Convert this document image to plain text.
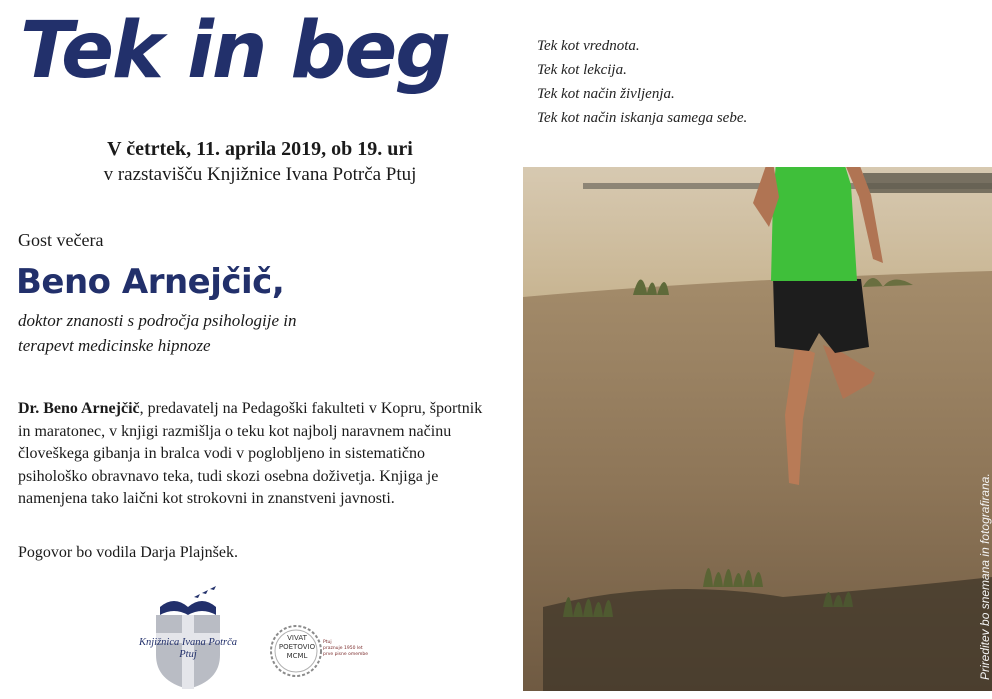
Tek in beg
V četrtek, 11. aprila 2019, ob 19. uri
v razstavišču Knjižnice Ivana Potrča Ptuj
Gost večera
Beno Arnejčič,
doktor znanosti s področja psihologije in
terapevt medicinske hipnoze
Dr. Beno Arnejčič, predavatelj na Pedagoški fakulteti v Kopru, športnik in maratonec, v knjigi razmišlja o teku kot najbolj naravnem načinu človeškega gibanja in bralca vodi v poglobljeno in sistematično psihološko obravnavo teka, tudi skozi osebna doživetja. Knjiga je namenjena tako laični kot strokovni in znanstveni javnosti.
Pogovor bo vodila Darja Plajnšek.
Knjižnica Ivana Potrča
Ptuj
VIVAT
POETOVIO
MCML
Ptuj
praznuje 1950 let
prve pisne omembe
Tek kot vrednota.
Tek kot lekcija.
Tek kot način življenja.
Tek kot način iskanja samega sebe.
Prireditev bo snemana in fotografirana.
